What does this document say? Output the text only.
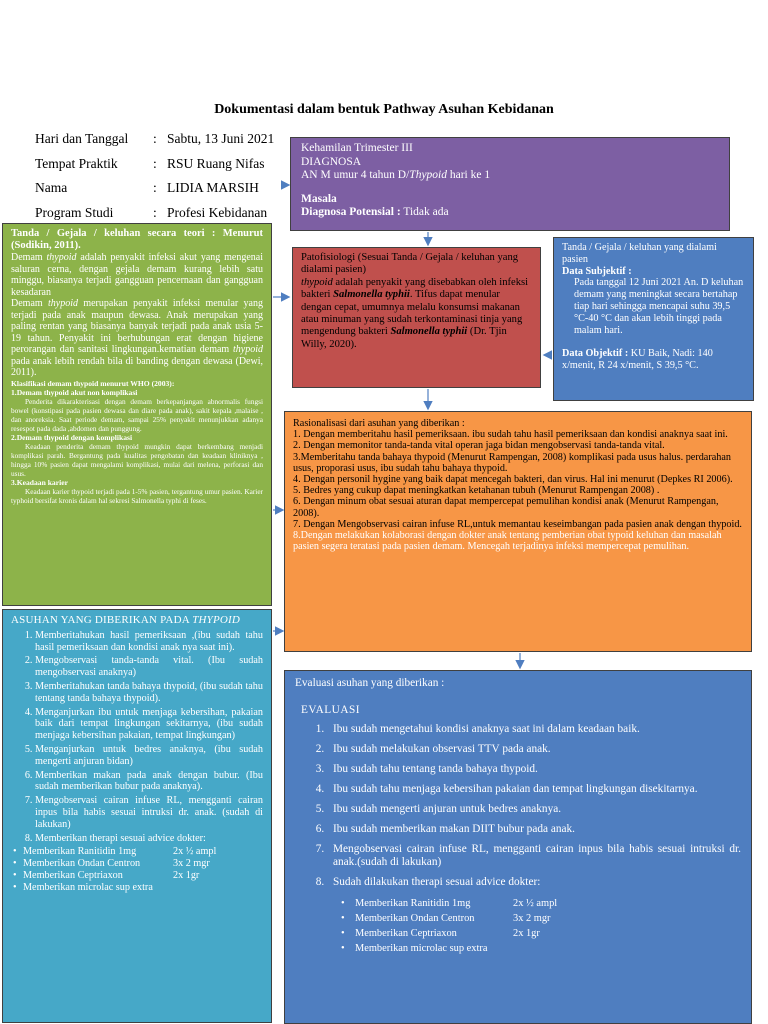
Dokumentasi dalam bentuk Pathway Asuhan Kebidanan
Hari dan Tanggal	: Sabtu, 13 Juni 2021
Tempat Praktik	: RSU Ruang Nifas
Nama	: LIDIA MARSIH
Program Studi	: Profesi Kebidanan
Kehamilan Trimester III
DIAGNOSA
AN M umur 4 tahun D/Thypoid hari ke 1
Masala
Diagnosa Potensial : Tidak ada
Tanda / Gejala / keluhan secara teori : Menurut (Sodikin, 2011).

Demam thypoid adalah penyakit infeksi akut yang mengenai saluran cerna, dengan gejala demam kurang lebih satu minggu, biasanya terjadi gangguan pencernaan dan gangguan kesadaran

Demam thypoid merupakan penyakit infeksi menular yang terjadi pada anak maupun dewasa. Anak merupakan yang paling rentan yang biasanya banyak terjadi pada anak usia 5-19 tahun. Penyakit ini berhubungan erat dengan higiene perorangan dan sanitasi lingkungan.kematian demam thypoid pada anak lebih rendah bila di banding dengan dewasa (Dewi, 2011).

Klasifikasi demam thypoid menurut WHO (2003):
1.Demam thypoid akut non komplikasi
Penderita dikarakterisasi dengan demam berkepanjangan abnormalis fungsi bowel (konstipasi pada pasien dewasa dan diare pada anak), sakit kepala ,malaise , dan anoreksia. Saat periode demam, sampai 25% penyakit menunjukkan adanya resespot pada dada ,abdomen dan punggung.
2.Demam thypoid dengan komplikasi
Keadaan penderita demam thypoid mungkin dapat berkembang menjadi komplikasi parah. Bergantung pada kualitas pengobatan dan keadaan kliniknya , hingga 10% pasien dapat mengalami komplikasi, mulai dari melena, perforasi dan usus.
3.Keadaan karier
Keadaan karier thypoid terjadi pada 1-5% pasien, tergantung umur pasien. Karier typhoid bersifat kronis dalam hal sekresi Salmonella typhi di feses.
Patofisiologi (Sesuai Tanda / Gejala / keluhan yang dialami pasien)
thypoid adalah penyakit yang disebabkan oleh infeksi bakteri Salmonella typhii. Tifus dapat menular dengan cepat, umumnya melalu konsumsi makanan atau minuman yang sudah terkontaminasi tinja yang mengendung bakteri Salmonella typhii (Dr. Tjin Willy, 2020).
Tanda / Gejala / keluhan yang dialami pasien
Data Subjektif :
Pada tanggal 12 Juni 2021 An. D keluhan demam yang meningkat secara bertahap tiap hari sehingga mencapai suhu 39,5 °C-40 °C dan akan lebih tinggi pada malam hari.
Data Objektif : KU Baik, Nadi: 140 x/menit, R 24 x/menit, S 39,5 °C.
Rasionalisasi dari asuhan yang diberikan :
1. Dengan memberitahu hasil pemeriksaan. ibu sudah tahu hasil pemeriksaan dan kondisi anaknya saat ini.
2. Dengan memonitor tanda-tanda vital operan jaga bidan mengobservasi tanda-tanda vital.
3.Memberitahu tanda bahaya thypoid (Menurut Rampengan, 2008) komplikasi pada usus halus. perdarahan usus, proporasi usus, ibu sudah tahu bahaya thypoid.
4. Dengan personil hygine yang baik dapat mencegah bakteri, dan virus. Hal ini menurut (Depkes RI 2006).
5. Bedres yang cukup dapat meningkatkan ketahanan tubuh (Menurut Rampengan 2008) .
6. Dengan minum obat sesuai aturan dapat mempercepat pemulihan kondisi anak (Menurut Rampengan, 2008).
7. Dengan Mengobservasi cairan infuse RL,untuk memantau keseimbangan pada pasien anak dengan thypoid.
8.Dengan melakukan kolaborasi dengan dokter anak tentang pemberian obat typoid keluhan dan masalah pasien segera teratasi pada pasien demam. Mencegah terjadinya infeksi mempercepat pemulihan.
ASUHAN YANG DIBERIKAN PADA THYPOID
1. Memberitahukan hasil pemeriksaan ,(ibu sudah tahu hasil pemeriksaan dan kondisi anak nya saat ini).
2. Mengobservasi tanda-tanda vital. (Ibu sudah mengobservasi anaknya)
3. Memberitahukan tanda bahaya thypoid, (ibu sudah tahu tentang tanda bahaya thypoid).
4. Menganjurkan ibu untuk menjaga kebersihan, pakaian baik dari tempat lingkungan sekitarnya, (ibu sudah menjaga kebersihan pakaian, tempat lingkungan)
5. Menganjurkan untuk bedres anaknya, (ibu sudah mengerti anjuran bidan)
6. Memberikan makan pada anak dengan bubur. (Ibu sudah memberikan bubur pada anaknya).
7. Mengobservasi cairan infuse RL, mengganti cairan inpus bila habis sesuai intruksi dr. anak. (sudah di lakukan)
8. Memberikan therapi sesuai advice dokter:
• Memberikan Ranitidin 1mg	2x ½ ampl
• Memberikan Ondan Centron	3x 2 mgr
• Memberikan Ceptriaxon	2x 1gr
• Memberikan microlac sup extra
Evaluasi asuhan yang diberikan :
EVALUASI
1. Ibu sudah mengetahui kondisi anaknya saat ini dalam keadaan baik.
2. Ibu sudah melakukan observasi TTV pada anak.
3. Ibu sudah tahu tentang tanda bahaya thypoid.
4. Ibu sudah tahu menjaga kebersihan pakaian dan tempat lingkungan disekitarnya.
5. Ibu sudah mengerti anjuran untuk bedres anaknya.
6. Ibu sudah memberikan makan DIIT bubur pada anak.
7. Mengobservasi cairan infuse RL, mengganti cairan inpus bila habis sesuai intruksi dr. anak.(sudah di lakukan)
8. Sudah dilakukan therapi sesuai advice dokter:
• Memberikan Ranitidin 1mg	2x ½ ampl
• Memberikan Ondan Centron	3x 2 mgr
• Memberikan Ceptriaxon	2x 1gr
• Memberikan microlac sup extra
